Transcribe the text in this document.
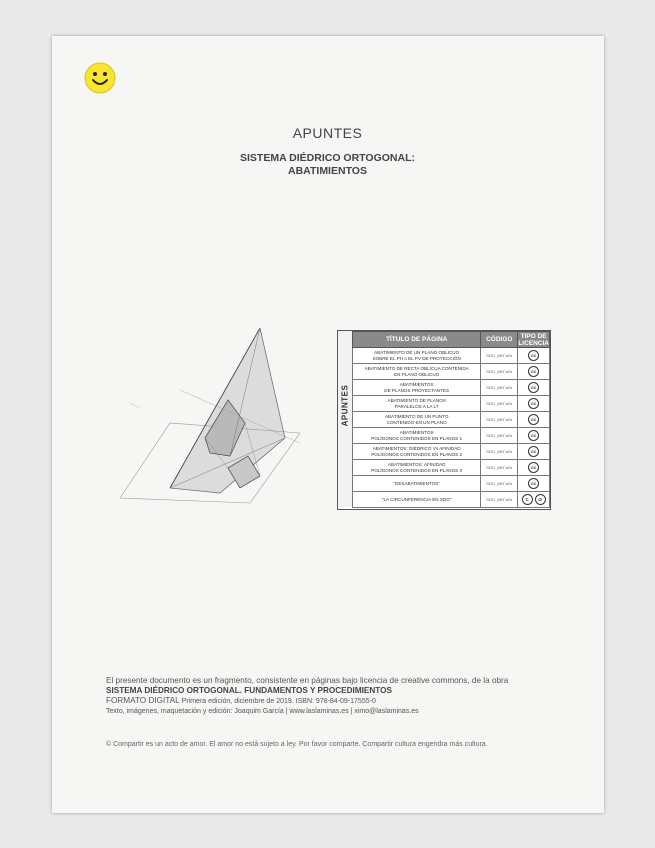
APUNTES
SISTEMA DIÉDRICO ORTOGONAL:
ABATIMIENTOS
APUNTES
TÍTULO DE PÁGINA	CÓDIGO	TIPO DE LICENCIA

ABATIMIENTO DE UN PLANO OBLICUO
SOBRE EL PH o EL PV DE PROYECCIÓN	SDO_ABT1eN	cc

ABATIMIENTO DE RECTA OBLICUA CONTENIDA
EN PLANO OBLICUO	SDO_ABT1eN	cc

ABATIMIENTOS
DE PLANOS PROYECTANTES	SDO_ABT1eN	cc

ABATIMIENTO DE PLANOS
PARALELOS A LA LT	SDO_ABT1eN	cc

ABATIMIENTO DE UN PUNTO
CONTENIDO EN UN PLANO	SDO_ABT1eN	cc

ABATIMIENTOS
POLÍGONOS CONTENIDOS EN PLANOS 1	SDO_ABT1eN	cc

ABATIMIENTOS: DIÉDRICO Vs AFINIDAD
POLÍGONOS CONTENIDOS EN PLANOS 2	SDO_ABT1eN	cc

ABATIMIENTOS: AFINIDAD
POLÍGONOS CONTENIDOS EN PLANOS 3	SDO_ABT1eN	cc

"DESABATIMIENTOS"	SDO_ABT1eN	cc

"LA CIRCUNFERENCIA EN SDO"	SDO_ABT1eN	C ⊙
El presente documento es un fragmento, consistente en páginas bajo licencia de creative commons, de la obra
SISTEMA DIÉDRICO ORTOGONAL. FUNDAMENTOS Y PROCEDIMIENTOS
FORMATO DIGITAL Primera edición, diciembre de 2019. ISBN: 978-84-09-17555-0
Texto, imágenes, maquetación y edición: Joaquim García | www.laslaminas.es | ximo@laslaminas.es
© Compartir es un acto de amor. El amor no está sujeto a ley. Por favor comparte. Compartir cultura engendra más cultura.
